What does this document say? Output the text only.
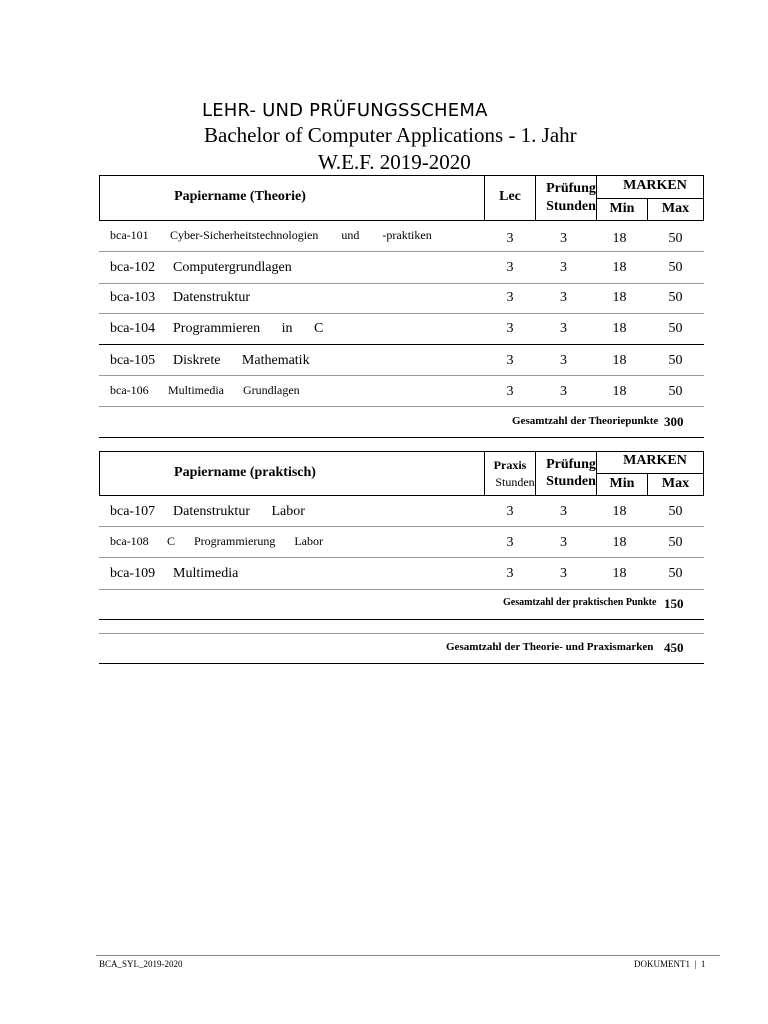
LEHR- UND PRÜFUNGSSCHEMA
Bachelor of Computer Applications - 1. Jahr
W.E.F. 2019-2020
Papiername (Theorie)	Lec
Prüfung
Stunden
MARKEN
Min	Max
bca-101 Cyber-Sicherheitstechnologien und -praktiken	3	3	18	50
bca-102 Computergrundlagen	3	3	18	50
bca-103 Datenstruktur	3	3	18	50
bca-104 Programmieren in C	3	3	18	50
bca-105 Diskrete Mathematik	3	3	18	50
bca-106 Multimedia Grundlagen	3	3	18	50
Gesamtzahl der Theoriepunkte 300
Papiername (praktisch)	Praxis
Stunden
Prüfung
Stunden
MARKEN
Min	Max
bca-107 Datenstruktur Labor	3	3	18	50
bca-108 C Programmierung Labor	3	3	18	50
bca-109 Multimedia	3	3	18	50
Gesamtzahl der praktischen Punkte 150
Gesamtzahl der Theorie- und Praxismarken 450
BCA_SYL_2019-2020	DOKUMENT1 | 1
